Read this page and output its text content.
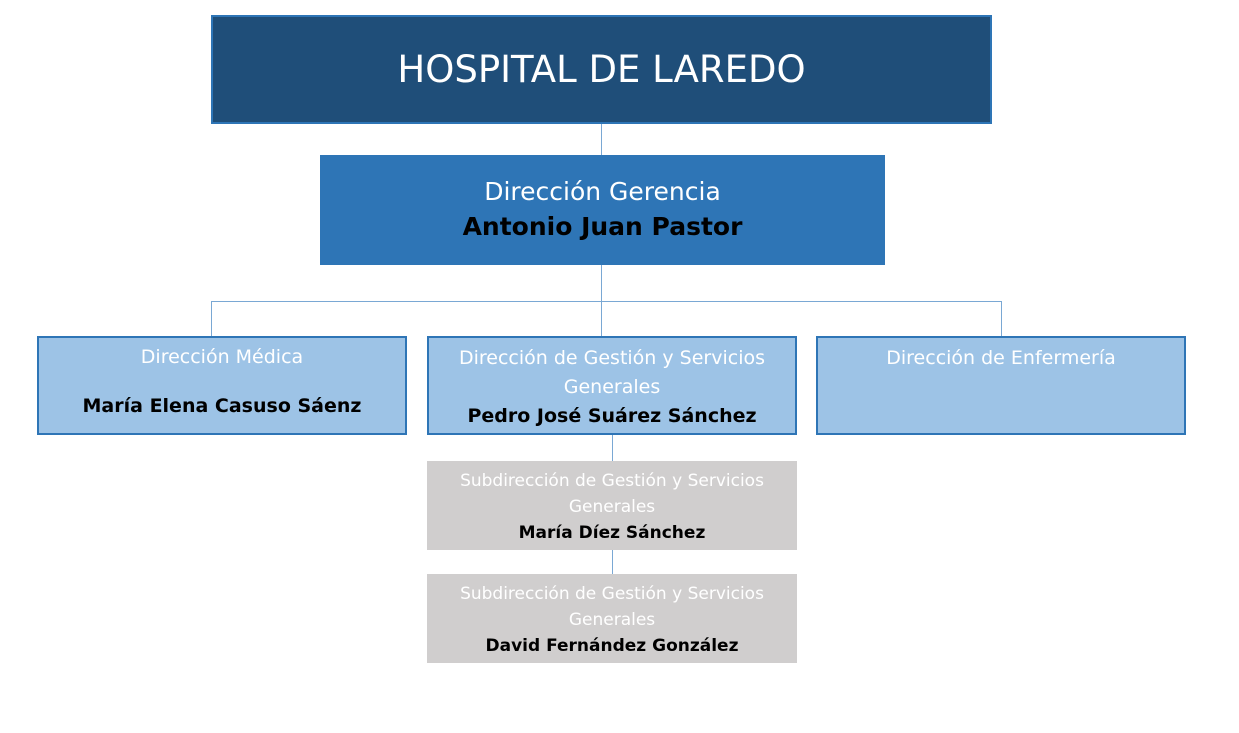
HOSPITAL DE LAREDO
Dirección Gerencia
Antonio Juan Pastor
Dirección Médica
María Elena Casuso Sáenz
Dirección de Gestión y Servicios Generales
Pedro José Suárez Sánchez
Dirección de Enfermería
Subdirección de Gestión y Servicios Generales
María Díez Sánchez
Subdirección de Gestión y Servicios Generales
David Fernández González
